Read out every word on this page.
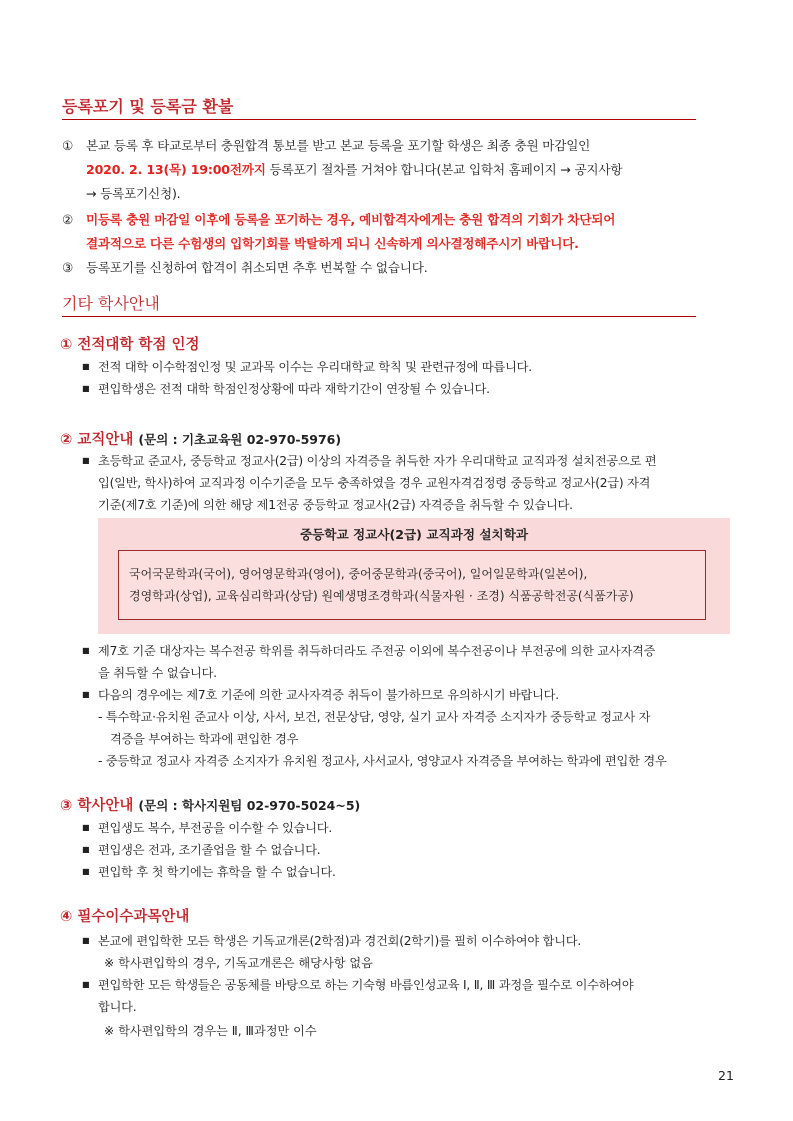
등록포기 및 등록금 환불
① 본교 등록 후 타교로부터 충원합격 통보를 받고 본교 등록을 포기할 학생은 최종 충원 마감일인
2020. 2. 13(목) 19:00전까지 등록포기 절차를 거쳐야 합니다(본교 입학처 홈페이지 → 공지사항
→ 등록포기신청).
② 미등록 충원 마감일 이후에 등록을 포기하는 경우, 예비합격자에게는 충원 합격의 기회가 차단되어
결과적으로 다른 수험생의 입학기회를 박탈하게 되니 신속하게 의사결정해주시기 바랍니다.
③ 등록포기를 신청하여 합격이 취소되면 추후 번복할 수 없습니다.
기타 학사안내
① 전적대학 학점 인정
■ 전적 대학 이수학점인정 및 교과목 이수는 우리대학교 학칙 및 관련규정에 따릅니다.
■ 편입학생은 전적 대학 학점인정상황에 따라 재학기간이 연장될 수 있습니다.
② 교직안내 (문의 : 기초교육원 02-970-5976)
■ 초등학교 준교사, 중등학교 정교사(2급) 이상의 자격증을 취득한 자가 우리대학교 교직과정 설치전공으로 편
입(일반, 학사)하여 교직과정 이수기준을 모두 충족하였을 경우 교원자격검정령 중등학교 정교사(2급) 자격
기준(제7호 기준)에 의한 해당 제1전공 중등학교 정교사(2급) 자격증을 취득할 수 있습니다.
중등학교 정교사(2급) 교직과정 설치학과
국어국문학과(국어), 영어영문학과(영어), 중어중문학과(중국어), 일어일문학과(일본어),
경영학과(상업), 교육심리학과(상담) 원예생명조경학과(식물자원 · 조경) 식품공학전공(식품가공)
■ 제7호 기준 대상자는 복수전공 학위를 취득하더라도 주전공 이외에 복수전공이나 부전공에 의한 교사자격증
을 취득할 수 없습니다.
■ 다음의 경우에는 제7호 기준에 의한 교사자격증 취득이 불가하므로 유의하시기 바랍니다.
- 특수학교·유치원 준교사 이상, 사서, 보건, 전문상담, 영양, 실기 교사 자격증 소지자가 중등학교 정교사 자
격증을 부여하는 학과에 편입한 경우
- 중등학교 정교사 자격증 소지자가 유치원 정교사, 사서교사, 영양교사 자격증을 부여하는 학과에 편입한 경우
③ 학사안내 (문의 : 학사지원팀 02-970-5024~5)
■ 편입생도 복수, 부전공을 이수할 수 있습니다.
■ 편입생은 전과, 조기졸업을 할 수 없습니다.
■ 편입학 후 첫 학기에는 휴학을 할 수 없습니다.
④ 필수이수과목안내
■ 본교에 편입학한 모든 학생은 기독교개론(2학점)과 경건회(2학기)를 필히 이수하여야 합니다.
※ 학사편입학의 경우, 기독교개론은 해당사항 없음
■ 편입학한 모든 학생들은 공동체를 바탕으로 하는 기숙형 바름인성교육 Ⅰ, Ⅱ, Ⅲ 과정을 필수로 이수하여야
합니다.
※ 학사편입학의 경우는 Ⅱ, Ⅲ과정만 이수
21
